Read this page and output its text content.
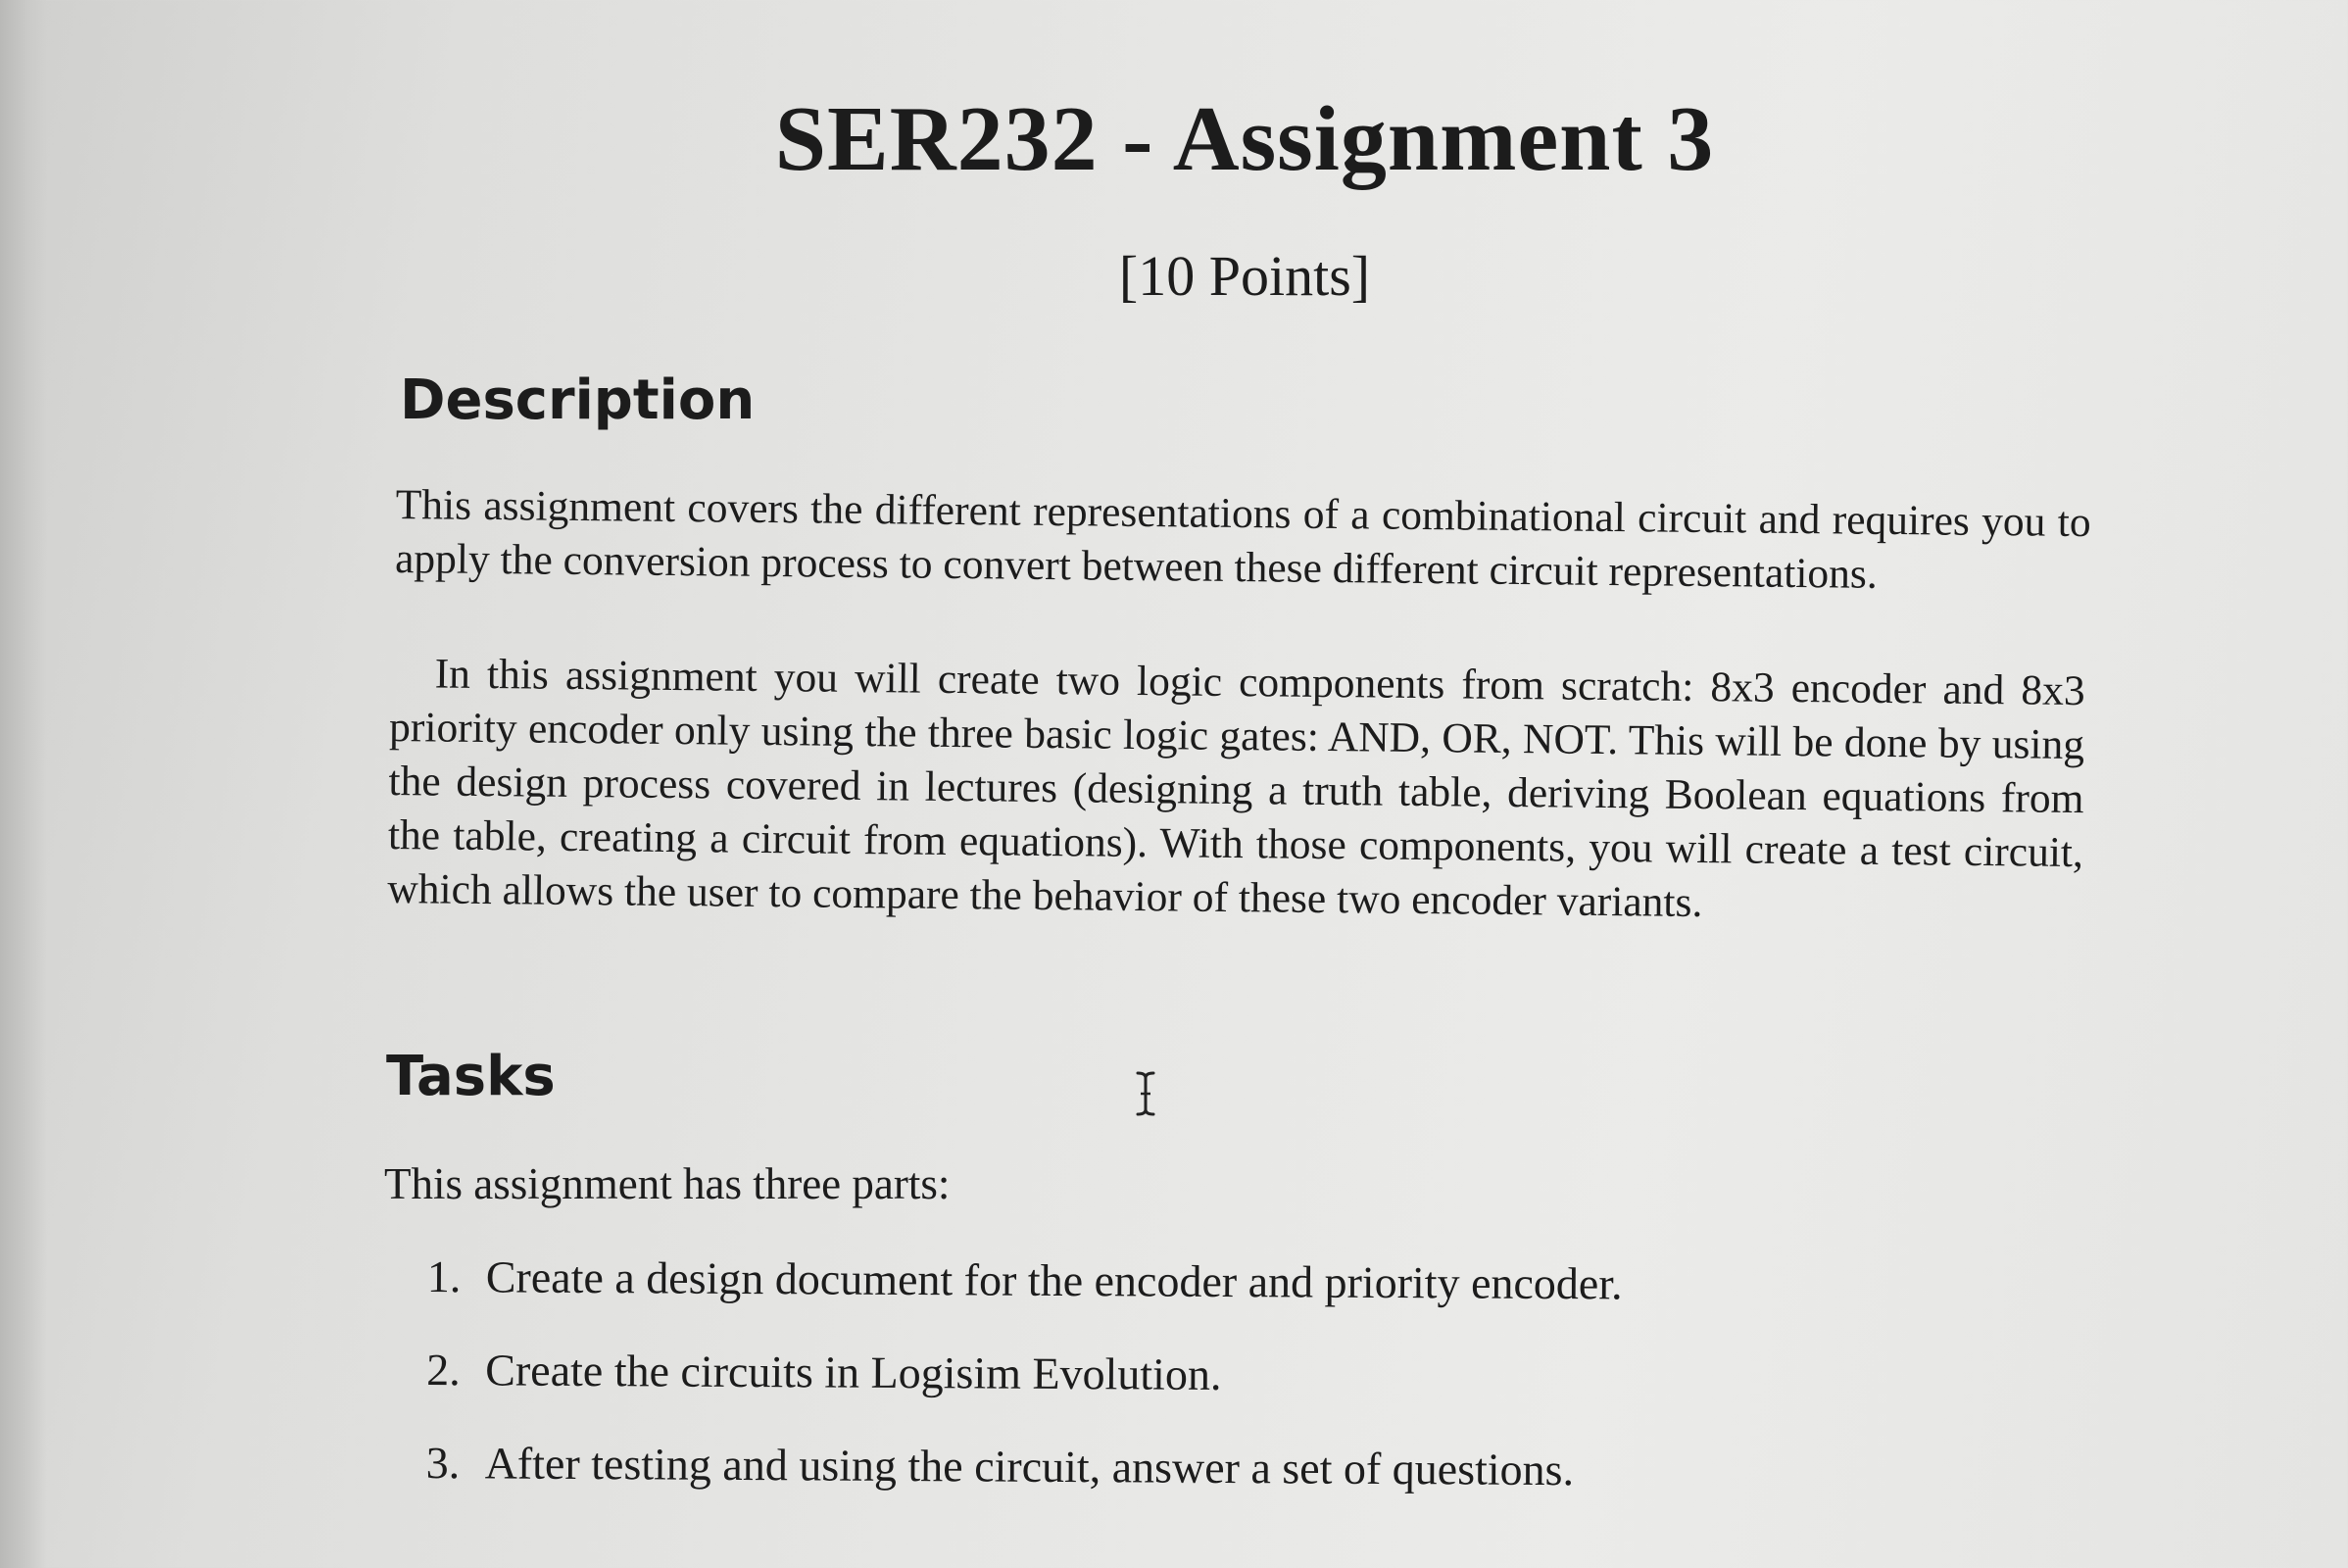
SER232 - Assignment 3
[10 Points]
Description

This assignment covers the different representations of a combinational circuit and requires you to apply the conversion process to convert between these different circuit representations.

In this assignment you will create two logic components from scratch: 8x3 encoder and 8x3 priority encoder only using the three basic logic gates: AND, OR, NOT. This will be done by using the design process covered in lectures (designing a truth table, deriving Boolean equations from the table, creating a circuit from equations). With those components, you will create a test circuit, which allows the user to compare the behavior of these two encoder variants.

Tasks
This assignment has three parts:
1. Create a design document for the encoder and priority encoder.
2. Create the circuits in Logisim Evolution.
3. After testing and using the circuit, answer a set of questions.
